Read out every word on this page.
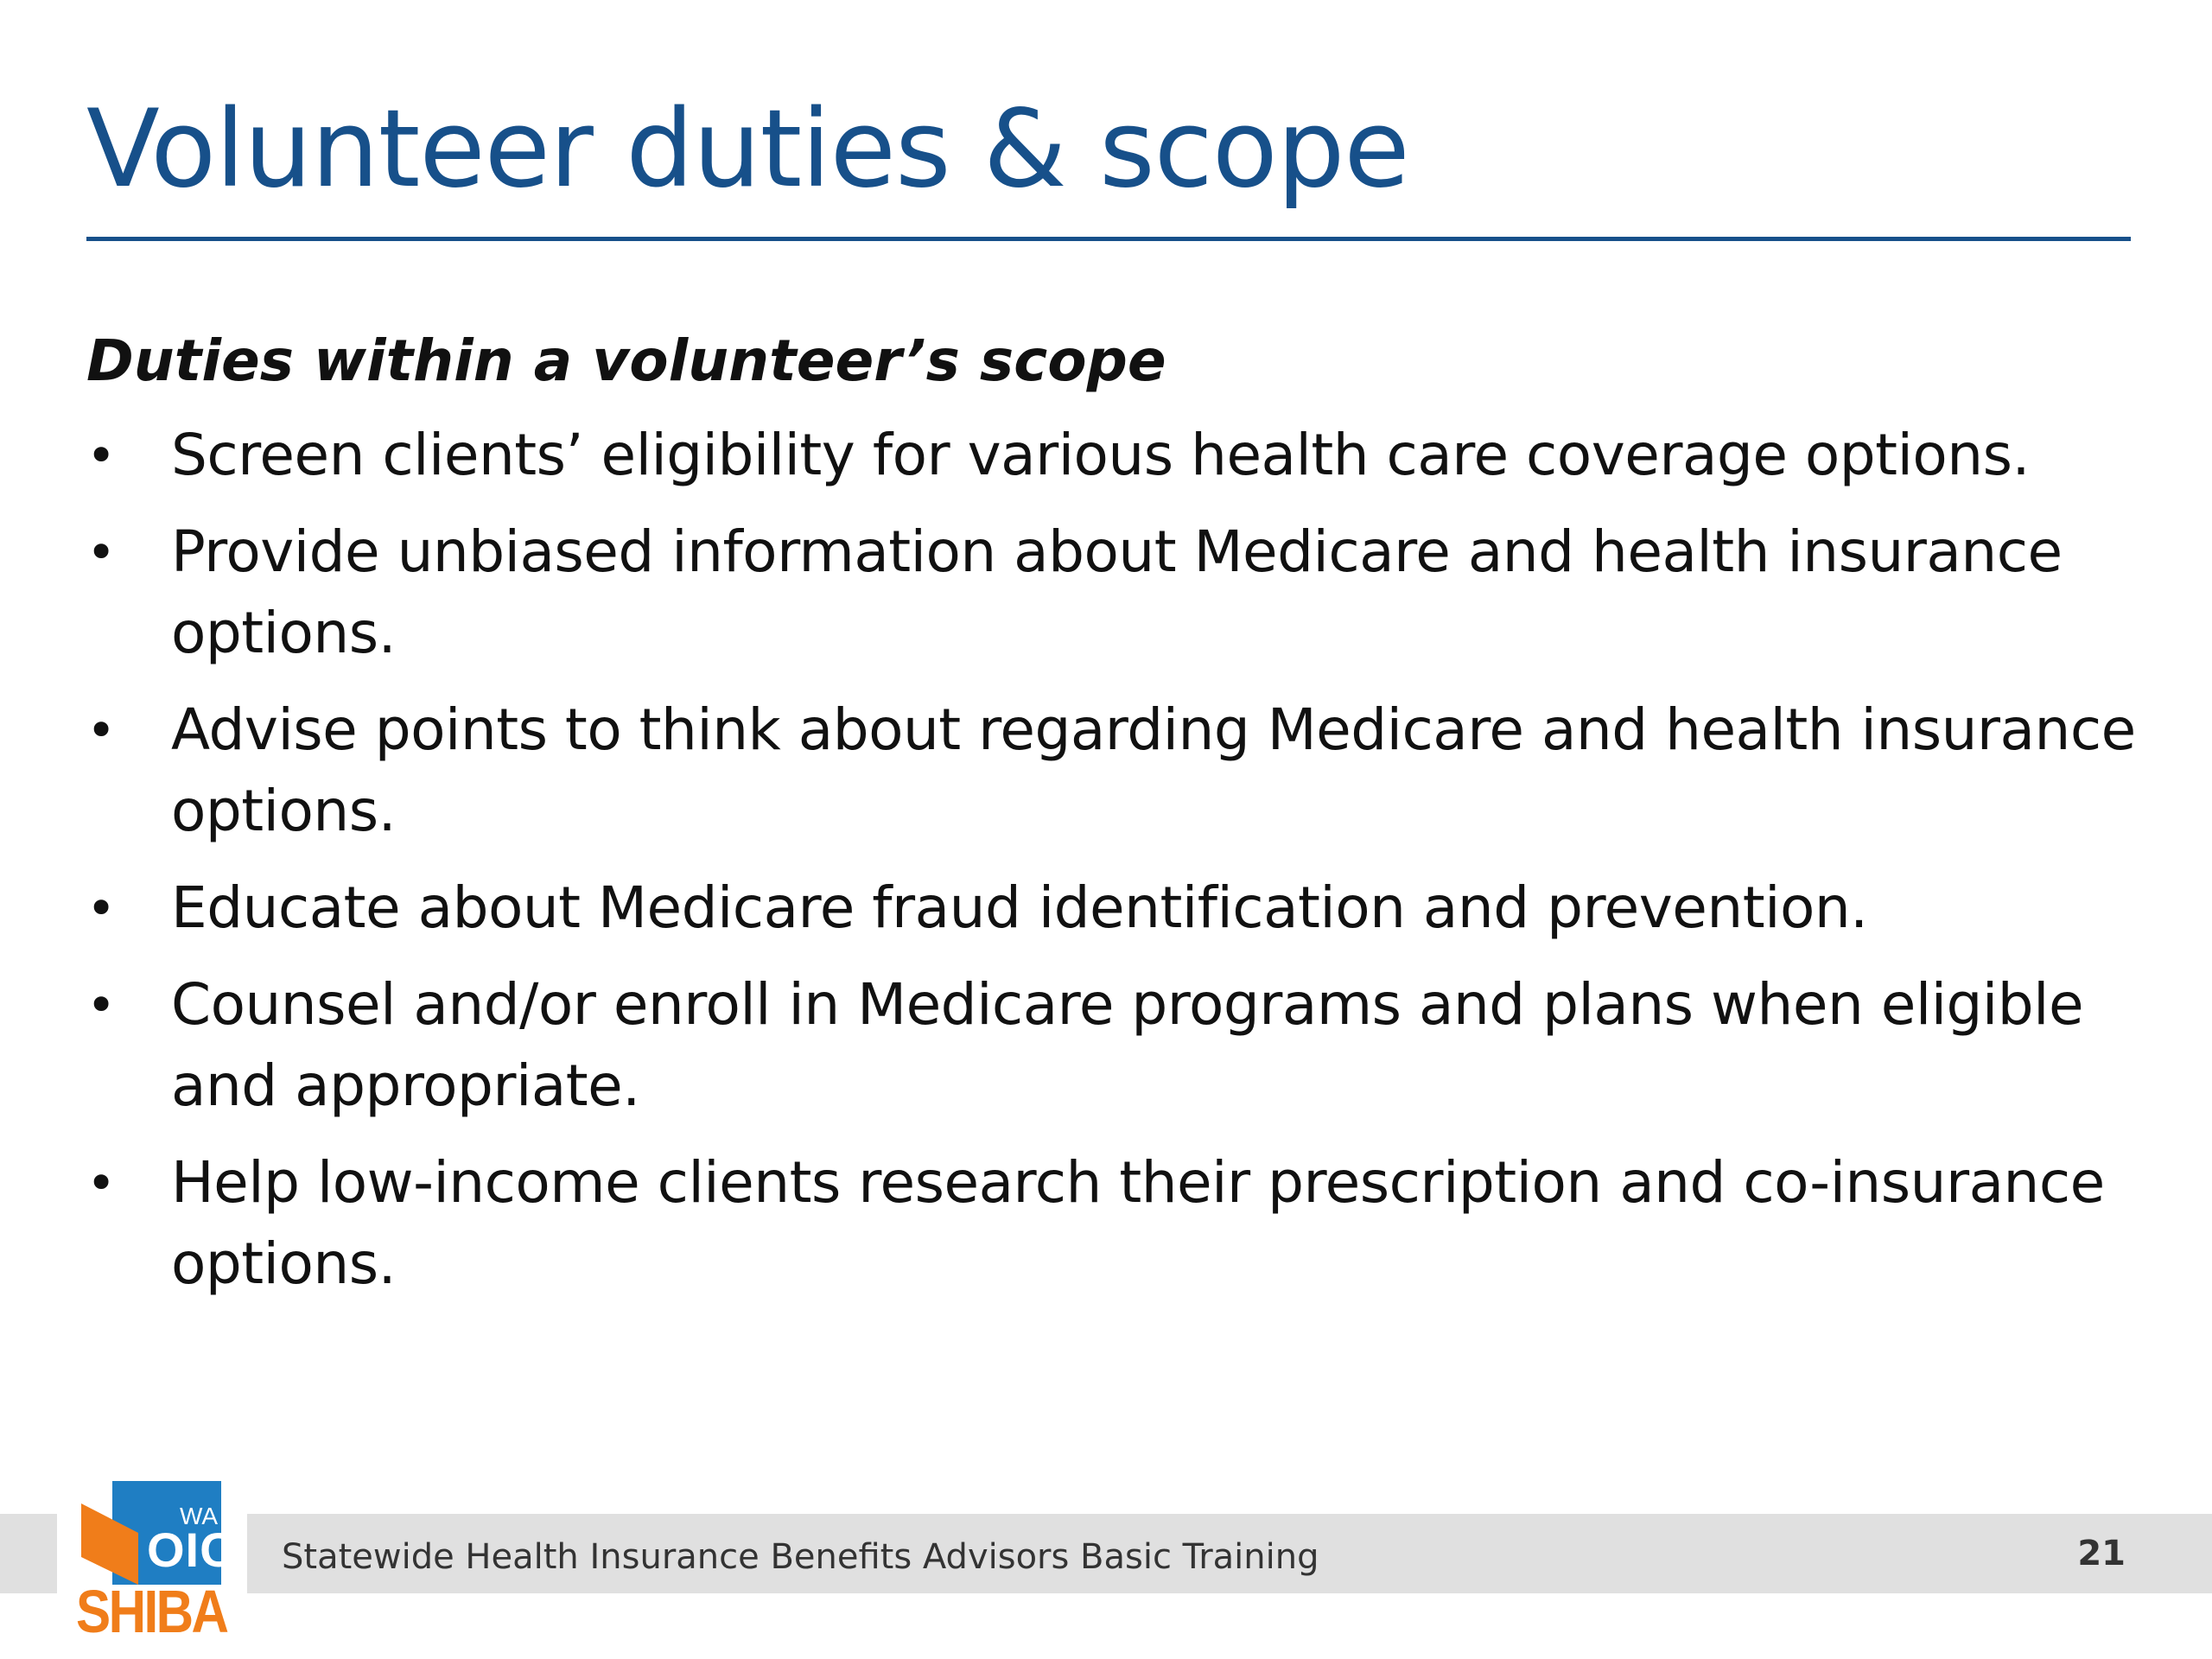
Volunteer duties & scope
Duties within a volunteer’s scope
• Screen clients’ eligibility for various health care coverage options.
• Provide unbiased information about Medicare and health insurance options.
• Advise points to think about regarding Medicare and health insurance options.
• Educate about Medicare fraud identification and prevention.
• Counsel and/or enroll in Medicare programs and plans when eligible and appropriate.
• Help low-income clients research their prescription and co-insurance options.
Statewide Health Insurance Benefits Advisors Basic Training	21
WA
OIC
SHIBA
